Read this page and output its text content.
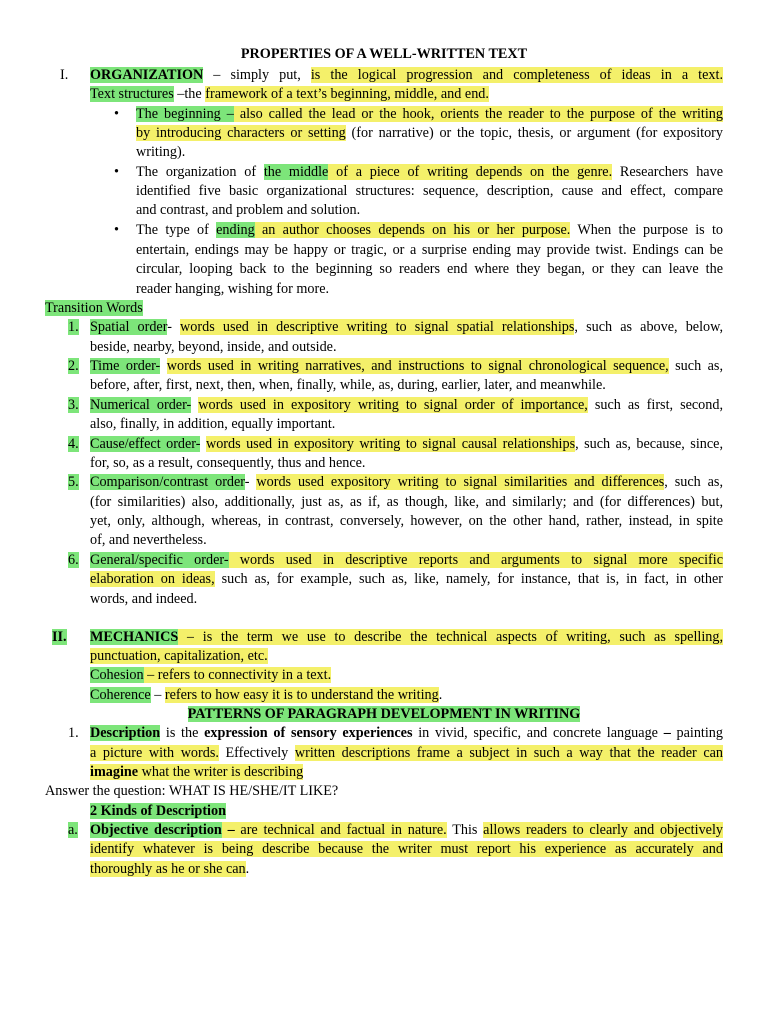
PROPERTIES OF A WELL-WRITTEN TEXT
I. ORGANIZATION – simply put, is the logical progression and completeness of ideas in a text.
Text structures –the framework of a text’s beginning, middle, and end.
• The beginning – also called the lead or the hook, orients the reader to the purpose of the writing
by introducing characters or setting (for narrative) or the topic, thesis, or argument (for expository
writing).
• The organization of the middle of a piece of writing depends on the genre. Researchers have
identified five basic organizational structures: sequence, description, cause and effect, compare
and contrast, and problem and solution.
• The type of ending an author chooses depends on his or her purpose. When the purpose is to
entertain, endings may be happy or tragic, or a surprise ending may provide twist. Endings can be
circular, looping back to the beginning so readers end where they began, or they can leave the
reader hanging, wishing for more.
Transition Words
1. Spatial order- words used in descriptive writing to signal spatial relationships, such as above, below,
beside, nearby, beyond, inside, and outside.
2. Time order- words used in writing narratives, and instructions to signal chronological sequence, such as,
before, after, first, next, then, when, finally, while, as, during, earlier, later, and meanwhile.
3. Numerical order- words used in expository writing to signal order of importance, such as first, second,
also, finally, in addition, equally important.
4. Cause/effect order- words used in expository writing to signal causal relationships, such as, because, since,
for, so, as a result, consequently, thus and hence.
5. Comparison/contrast order- words used expository writing to signal similarities and differences, such as,
(for similarities) also, additionally, just as, as if, as though, like, and similarly; and (for differences) but,
yet, only, although, whereas, in contrast, conversely, however, on the other hand, rather, instead, in spite
of, and nevertheless.
6. General/specific order- words used in descriptive reports and arguments to signal more specific
elaboration on ideas, such as, for example, such as, like, namely, for instance, that is, in fact, in other
words, and indeed.
II. MECHANICS – is the term we use to describe the technical aspects of writing, such as spelling,
punctuation, capitalization, etc.
Cohesion – refers to connectivity in a text.
Coherence – refers to how easy it is to understand the writing.
PATTERNS OF PARAGRAPH DEVELOPMENT IN WRITING
1. Description is the expression of sensory experiences in vivid, specific, and concrete language – painting
a picture with words. Effectively written descriptions frame a subject in such a way that the reader can
imagine what the writer is describing
Answer the question: WHAT IS HE/SHE/IT LIKE?
2 Kinds of Description
a. Objective description – are technical and factual in nature. This allows readers to clearly and objectively
identify whatever is being describe because the writer must report his experience as accurately and
thoroughly as he or she can.
